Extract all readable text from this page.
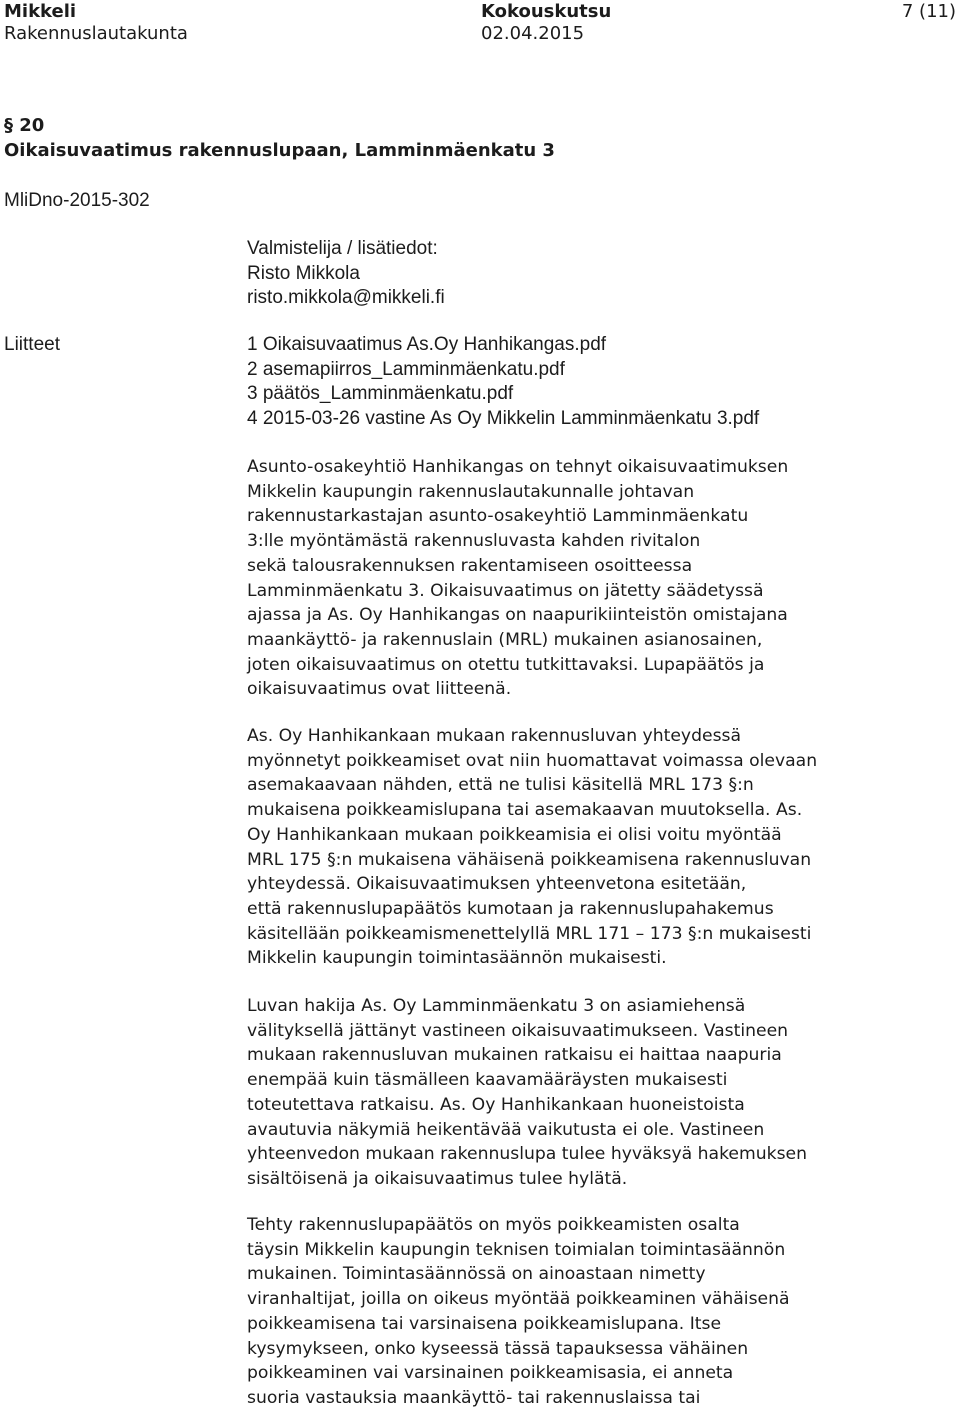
Mikkeli
Rakennuslautakunta
Kokouskutsu
02.04.2015
7 (11)
§ 20
Oikaisuvaatimus rakennuslupaan, Lamminmäenkatu 3
MliDno-2015-302
Valmistelija / lisätiedot:
Risto Mikkola
risto.mikkola@mikkeli.fi
Liitteet	1 Oikaisuvaatimus As.Oy Hanhikangas.pdf
2 asemapiirros_Lamminmäenkatu.pdf
3 päätös_Lamminmäenkatu.pdf
4 2015-03-26 vastine As Oy Mikkelin Lamminmäenkatu 3.pdf
Asunto-osakeyhtiö Hanhikangas on tehnyt oikaisuvaatimuksen
Mikkelin kaupungin rakennuslautakunnalle johtavan
rakennustarkastajan asunto-osakeyhtiö Lamminmäenkatu
3:lle myöntämästä rakennusluvasta kahden rivitalon
sekä talousrakennuksen rakentamiseen osoitteessa
Lamminmäenkatu 3. Oikaisuvaatimus on jätetty säädetyssä
ajassa ja As. Oy Hanhikangas on naapurikiinteistön omistajana
maankäyttö- ja rakennuslain (MRL) mukainen asianosainen,
joten oikaisuvaatimus on otettu tutkittavaksi. Lupapäätös ja
oikaisuvaatimus ovat liitteenä.
As. Oy Hanhikankaan mukaan rakennusluvan yhteydessä
myönnetyt poikkeamiset ovat niin huomattavat voimassa olevaan
asemakaavaan nähden, että ne tulisi käsitellä MRL 173 §:n
mukaisena poikkeamislupana tai asemakaavan muutoksella. As.
Oy Hanhikankaan mukaan poikkeamisia ei olisi voitu myöntää
MRL 175 §:n mukaisena vähäisenä poikkeamisena rakennusluvan
yhteydessä. Oikaisuvaatimuksen yhteenvetona esitetään,
että rakennuslupapäätös kumotaan ja rakennuslupahakemus
käsitellään poikkeamismenettelyllä MRL 171 – 173 §:n mukaisesti
Mikkelin kaupungin toimintasäännön mukaisesti.
Luvan hakija As. Oy Lamminmäenkatu 3 on asiamiehensä
välityksellä jättänyt vastineen oikaisuvaatimukseen. Vastineen
mukaan rakennusluvan mukainen ratkaisu ei haittaa naapuria
enempää kuin täsmälleen kaavamääräysten mukaisesti
toteutettava ratkaisu. As. Oy Hanhikankaan huoneistoista
avautuvia näkymiä heikentävää vaikutusta ei ole. Vastineen
yhteenvedon mukaan rakennuslupa tulee hyväksyä hakemuksen
sisältöisenä ja oikaisuvaatimus tulee hylätä.
Tehty rakennuslupapäätös on myös poikkeamisten osalta
täysin Mikkelin kaupungin teknisen toimialan toimintasäännön
mukainen. Toimintasäännössä on ainoastaan nimetty
viranhaltijat, joilla on oikeus myöntää poikkeaminen vähäisenä
poikkeamisena tai varsinaisena poikkeamislupana. Itse
kysymykseen, onko kyseessä tässä tapauksessa vähäinen
poikkeaminen vai varsinainen poikkeamisasia, ei anneta
suoria vastauksia maankäyttö- tai rakennuslaissa tai
